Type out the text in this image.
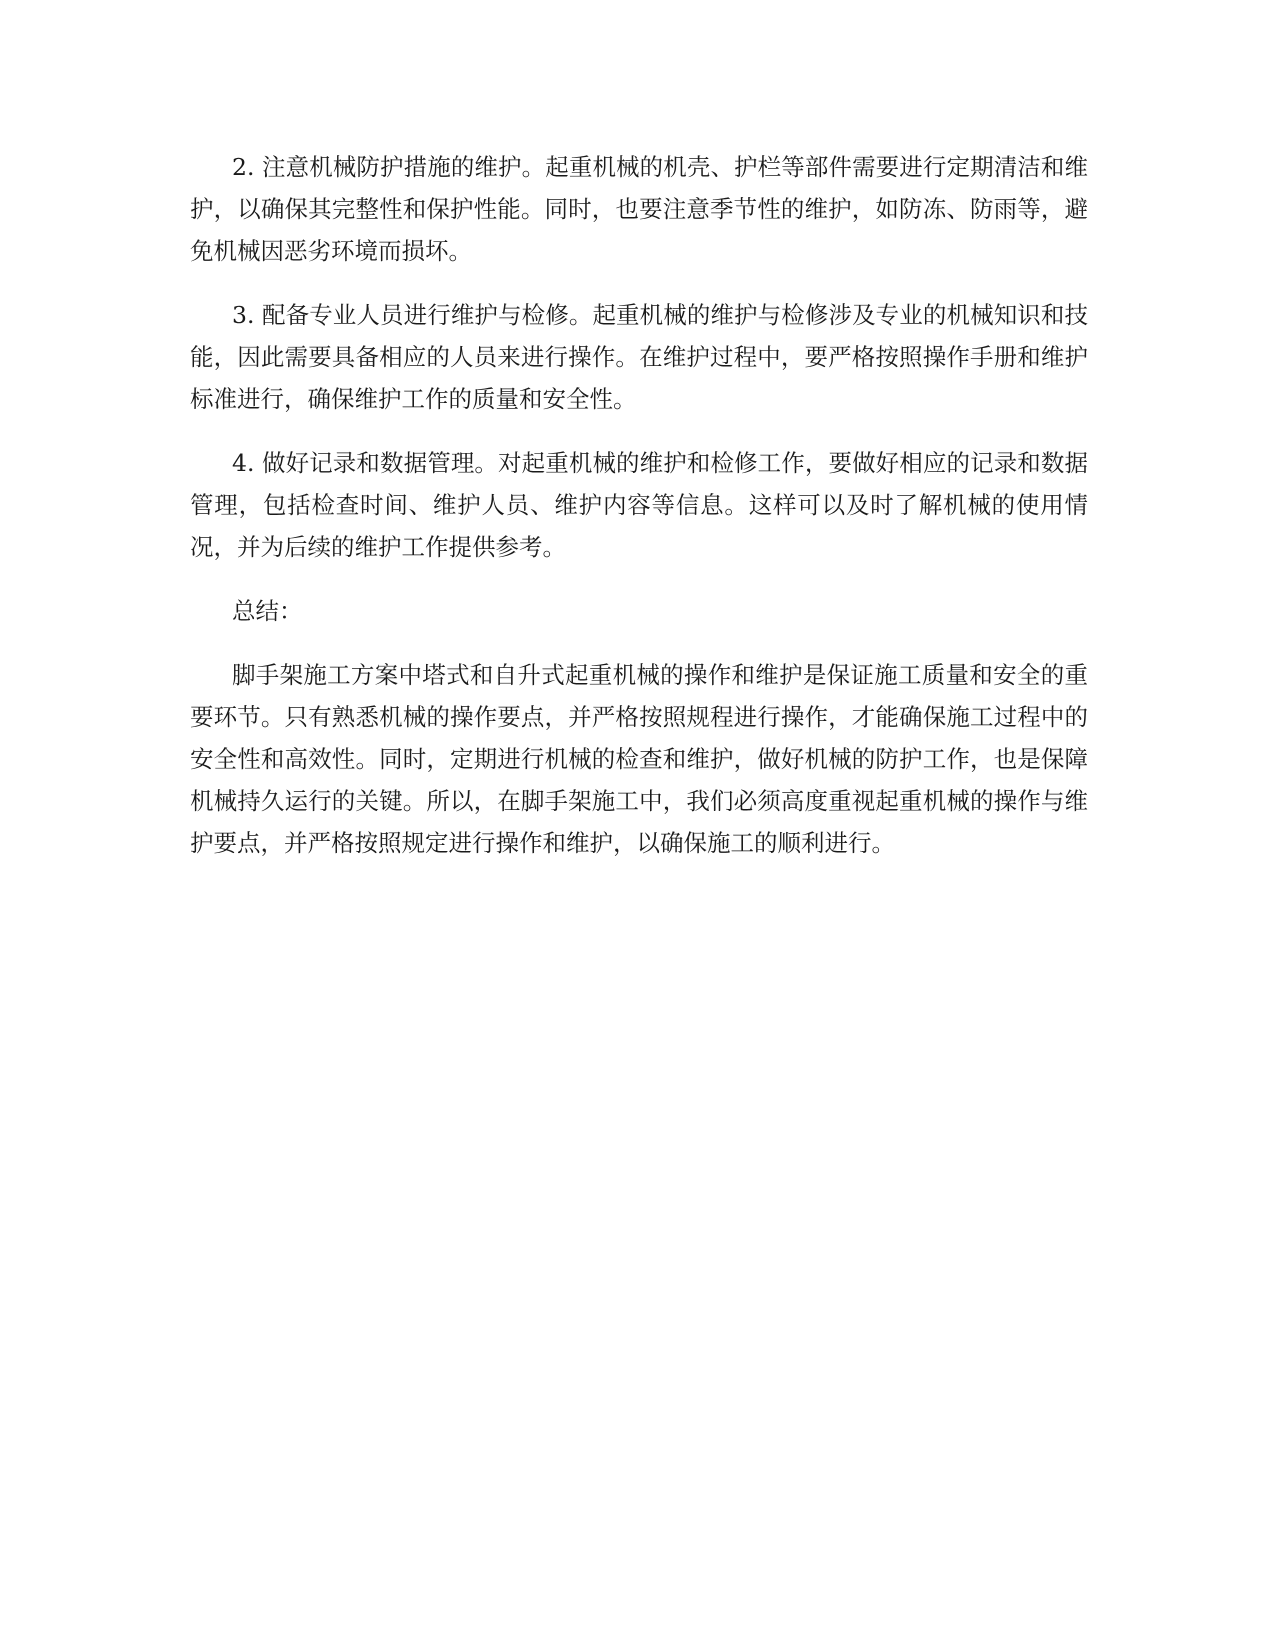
2. 注意机械防护措施的维护。起重机械的机壳、护栏等部件需要进行定期清洁和维护，以确保其完整性和保护性能。同时，也要注意季节性的维护，如防冻、防雨等，避免机械因恶劣环境而损坏。

3. 配备专业人员进行维护与检修。起重机械的维护与检修涉及专业的机械知识和技能，因此需要具备相应的人员来进行操作。在维护过程中，要严格按照操作手册和维护标准进行，确保维护工作的质量和安全性。

4. 做好记录和数据管理。对起重机械的维护和检修工作，要做好相应的记录和数据管理，包括检查时间、维护人员、维护内容等信息。这样可以及时了解机械的使用情况，并为后续的维护工作提供参考。

总结：

脚手架施工方案中塔式和自升式起重机械的操作和维护是保证施工质量和安全的重要环节。只有熟悉机械的操作要点，并严格按照规程进行操作，才能确保施工过程中的安全性和高效性。同时，定期进行机械的检查和维护，做好机械的防护工作，也是保障机械持久运行的关键。所以，在脚手架施工中，我们必须高度重视起重机械的操作与维护要点，并严格按照规定进行操作和维护，以确保施工的顺利进行。
